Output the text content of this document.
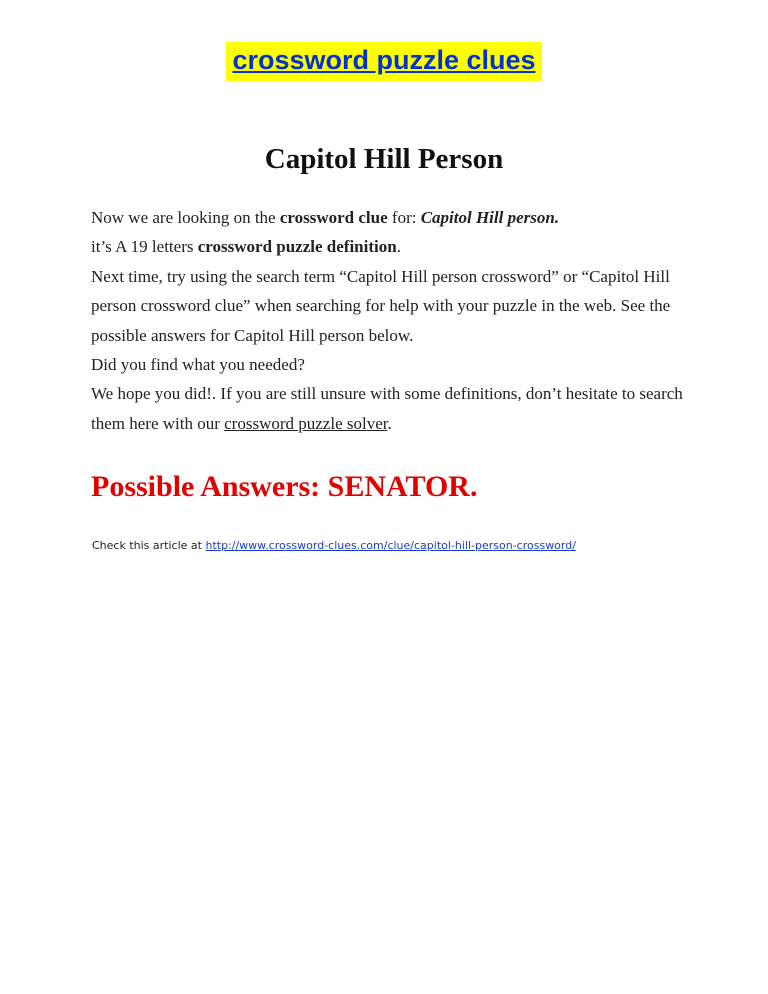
crossword puzzle clues
Capitol Hill Person

Now we are looking on the crossword clue for: Capitol Hill person.

it’s A 19 letters crossword puzzle definition.

Next time, try using the search term “Capitol Hill person crossword” or “Capitol Hill person crossword clue” when searching for help with your puzzle in the web. See the possible answers for Capitol Hill person below.

Did you find what you needed?

We hope you did!. If you are still unsure with some definitions, don’t hesitate to search them here with our crossword puzzle solver.

Possible Answers: SENATOR.
Check this article at http://www.crossword-clues.com/clue/capitol-hill-person-crossword/
